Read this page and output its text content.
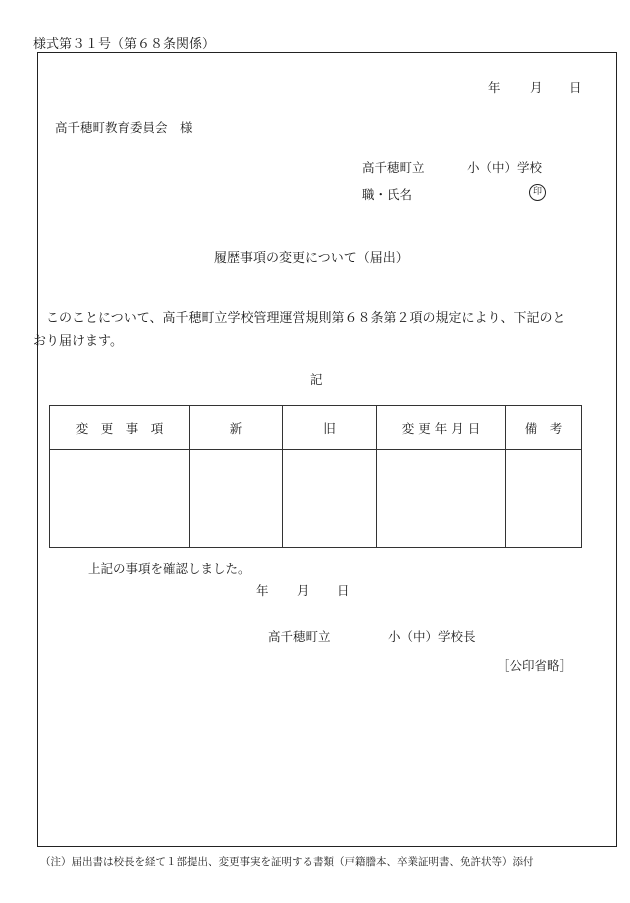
様式第３１号（第６８条関係）
年 月 日
高千穂町教育委員会　様
高千穂町立	小（中）学校
職・氏名	印
履歴事項の変更について（届出）
　このことについて、高千穂町立学校管理運営規則第６８条第２項の規定により、下記のと
おり届けます。
記
変　更　事　項	新	旧	変 更 年 月 日	備　考

上記の事項を確認しました。
年 月 日
高千穂町立	小（中）学校長
［公印省略］
（注）届出書は校長を経て１部提出、変更事実を証明する書類（戸籍謄本、卒業証明書、免許状等）添付
